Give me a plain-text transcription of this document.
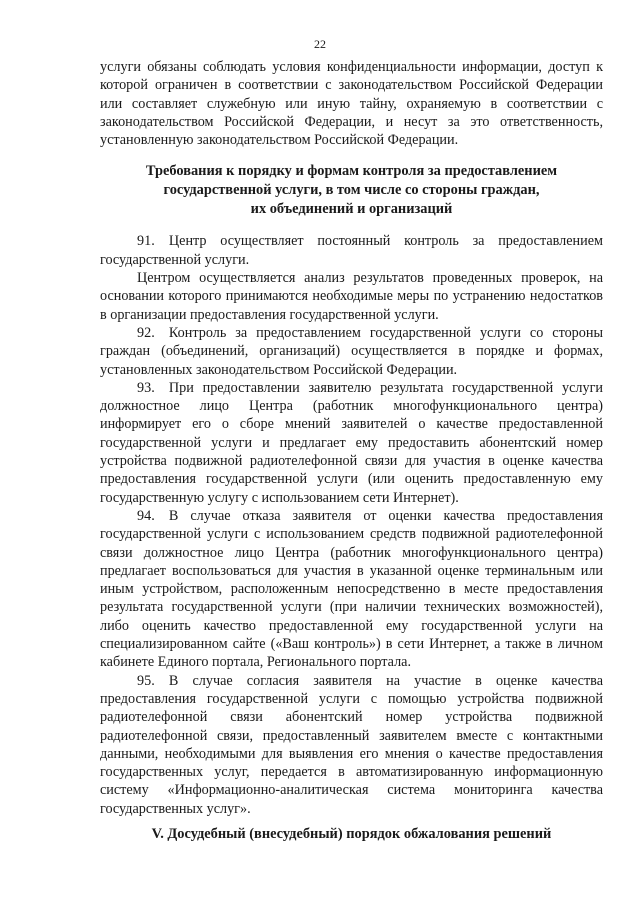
22

услуги обязаны соблюдать условия конфиденциальности информации, доступ к которой ограничен в соответствии с законодательством Российской Федерации или составляет служебную или иную тайну, охраняемую в соответствии с законодательством Российской Федерации, и несут за это ответственность, установленную законодательством Российской Федерации.

Требования к порядку и формам контроля за предоставлением
государственной услуги, в том числе со стороны граждан,
их объединений и организаций

91. Центр осуществляет постоянный контроль за предоставлением государственной услуги.

Центром осуществляется анализ результатов проведенных проверок, на основании которого принимаются необходимые меры по устранению недостатков в организации предоставления государственной услуги.

92. Контроль за предоставлением государственной услуги со стороны граждан (объединений, организаций) осуществляется в порядке и формах, установленных законодательством Российской Федерации.

93. При предоставлении заявителю результата государственной услуги должностное лицо Центра (работник многофункционального центра) информирует его о сборе мнений заявителей о качестве предоставленной государственной услуги и предлагает ему предоставить абонентский номер устройства подвижной радиотелефонной связи для участия в оценке качества предоставления государственной услуги (или оценить предоставленную ему государственную услугу с использованием сети Интернет).

94. В случае отказа заявителя от оценки качества предоставления государственной услуги с использованием средств подвижной радиотелефонной связи должностное лицо Центра (работник многофункционального центра) предлагает воспользоваться для участия в указанной оценке терминальным или иным устройством, расположенным непосредственно в месте предоставления результата государственной услуги (при наличии технических возможностей), либо оценить качество предоставленной ему государственной услуги на специализированном сайте («Ваш контроль») в сети Интернет, а также в личном кабинете Единого портала, Регионального портала.

95. В случае согласия заявителя на участие в оценке качества предоставления государственной услуги с помощью устройства подвижной радиотелефонной связи абонентский номер устройства подвижной радиотелефонной связи, предоставленный заявителем вместе с контактными данными, необходимыми для выявления его мнения о качестве предоставления государственных услуг, передается в автоматизированную информационную систему «Информационно-аналитическая система мониторинга качества государственных услуг».

V. Досудебный (внесудебный) порядок обжалования решений
